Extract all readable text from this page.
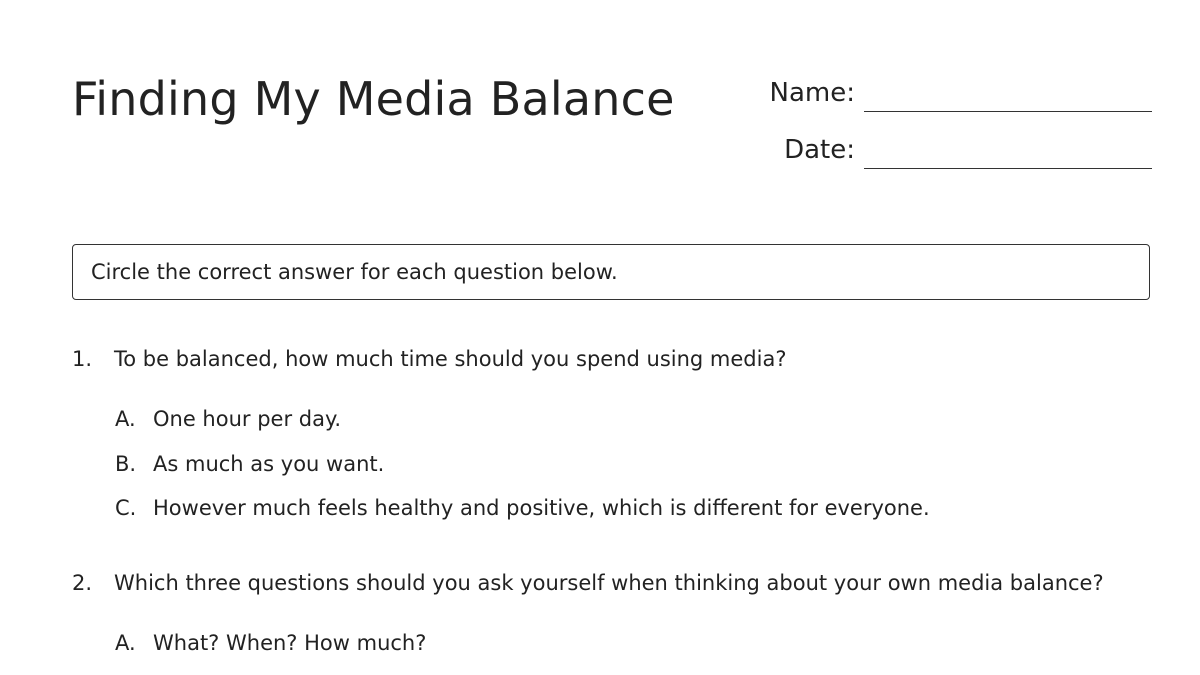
Finding My Media Balance	Name:
Date:
Circle the correct answer for each question below.
1.	To be balanced, how much time should you spend using media?
A. One hour per day.
B. As much as you want.
C. However much feels healthy and positive, which is different for everyone.
2.	Which three questions should you ask yourself when thinking about your own media balance?
A. What? When? How much?
